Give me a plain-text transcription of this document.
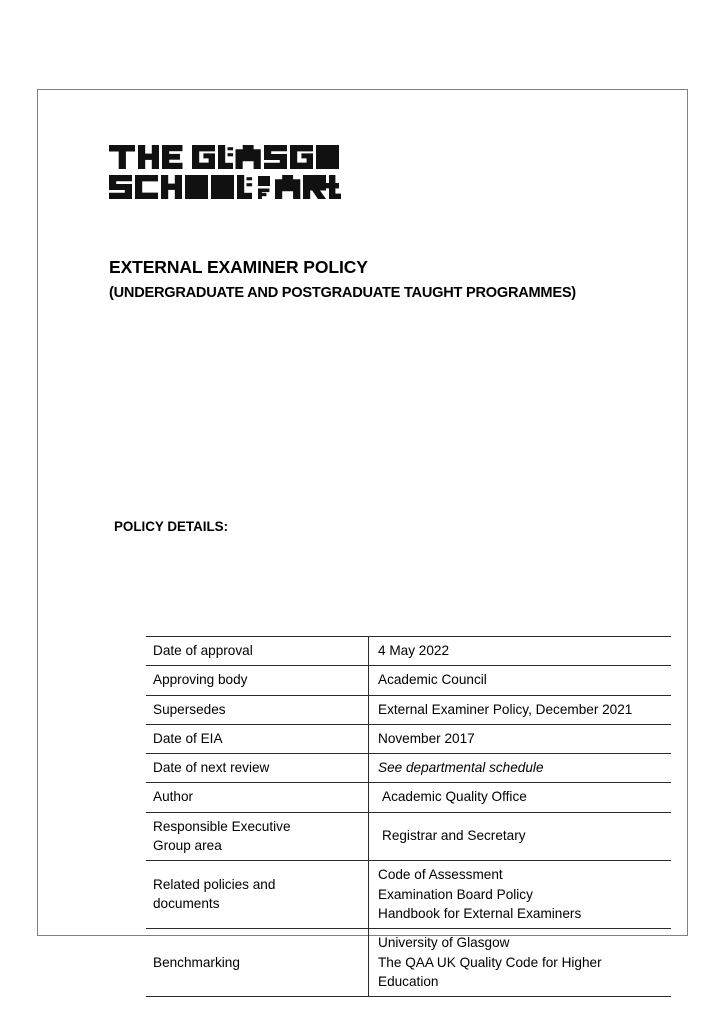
EXTERNAL EXAMINER POLICY
(UNDERGRADUATE AND POSTGRADUATE TAUGHT PROGRAMMES)
POLICY DETAILS:
Date of approval	4 May 2022

Approving body	Academic Council

Supersedes	External Examiner Policy, December 2021

Date of EIA	November 2017

Date of next review	See departmental schedule

Author	Academic Quality Office

Responsible Executive
Group area	Registrar and Secretary

Related policies and
documents	Code of Assessment
Examination Board Policy
Handbook for External Examiners

Benchmarking	University of Glasgow
The QAA UK Quality Code for Higher
Education
